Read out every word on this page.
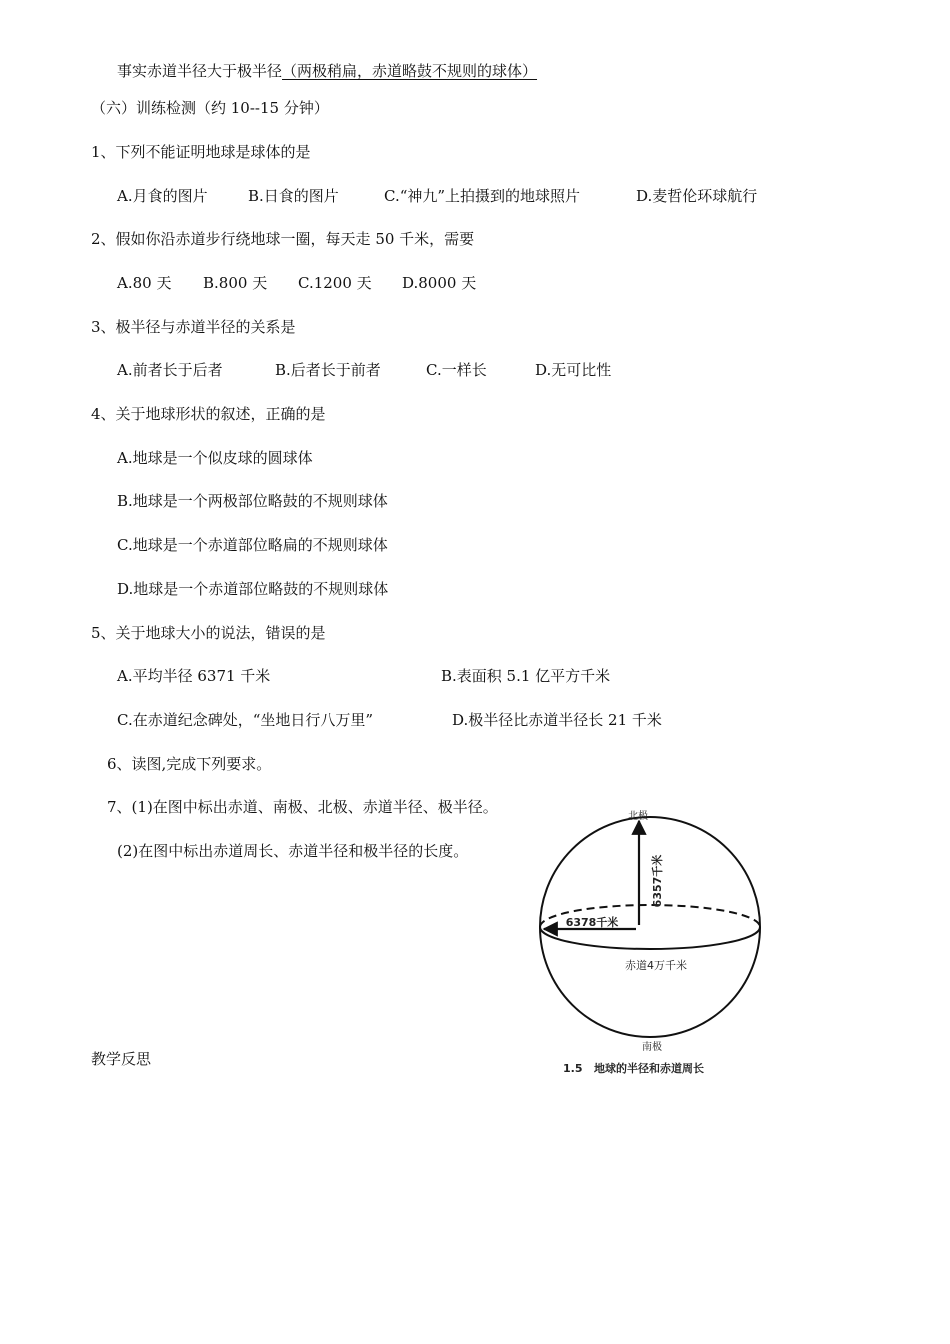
事实赤道半径大于极半径（两极稍扁，赤道略鼓不规则的球体）
（六）训练检测（约 10--15 分钟）
1、下列不能证明地球是球体的是
A.月食的图片	B.日食的图片	C.“神九”上拍摄到的地球照片	D.麦哲伦环球航行
2、假如你沿赤道步行绕地球一圈，每天走 50 千米，需要
A.80 天 B.800 天 C.1200 天 D.8000 天
3、极半径与赤道半径的关系是
A.前者长于后者	B.后者长于前者	C.一样长	D.无可比性
4、关于地球形状的叙述，正确的是
A.地球是一个似皮球的圆球体
B.地球是一个两极部位略鼓的不规则球体
C.地球是一个赤道部位略扁的不规则球体
D.地球是一个赤道部位略鼓的不规则球体
5、关于地球大小的说法，错误的是
A.平均半径 6371 千米	B.表面积 5.1 亿平方千米
C.在赤道纪念碑处，“坐地日行八万里”	D.极半径比赤道半径长 21 千米
6、读图,完成下列要求。
7、(1)在图中标出赤道、南极、北极、赤道半径、极半径。
(2)在图中标出赤道周长、赤道半径和极半径的长度。
教学反思
北极
南极
6357千米
6378千米
赤道4万千米
1.5   地球的半径和赤道周长
